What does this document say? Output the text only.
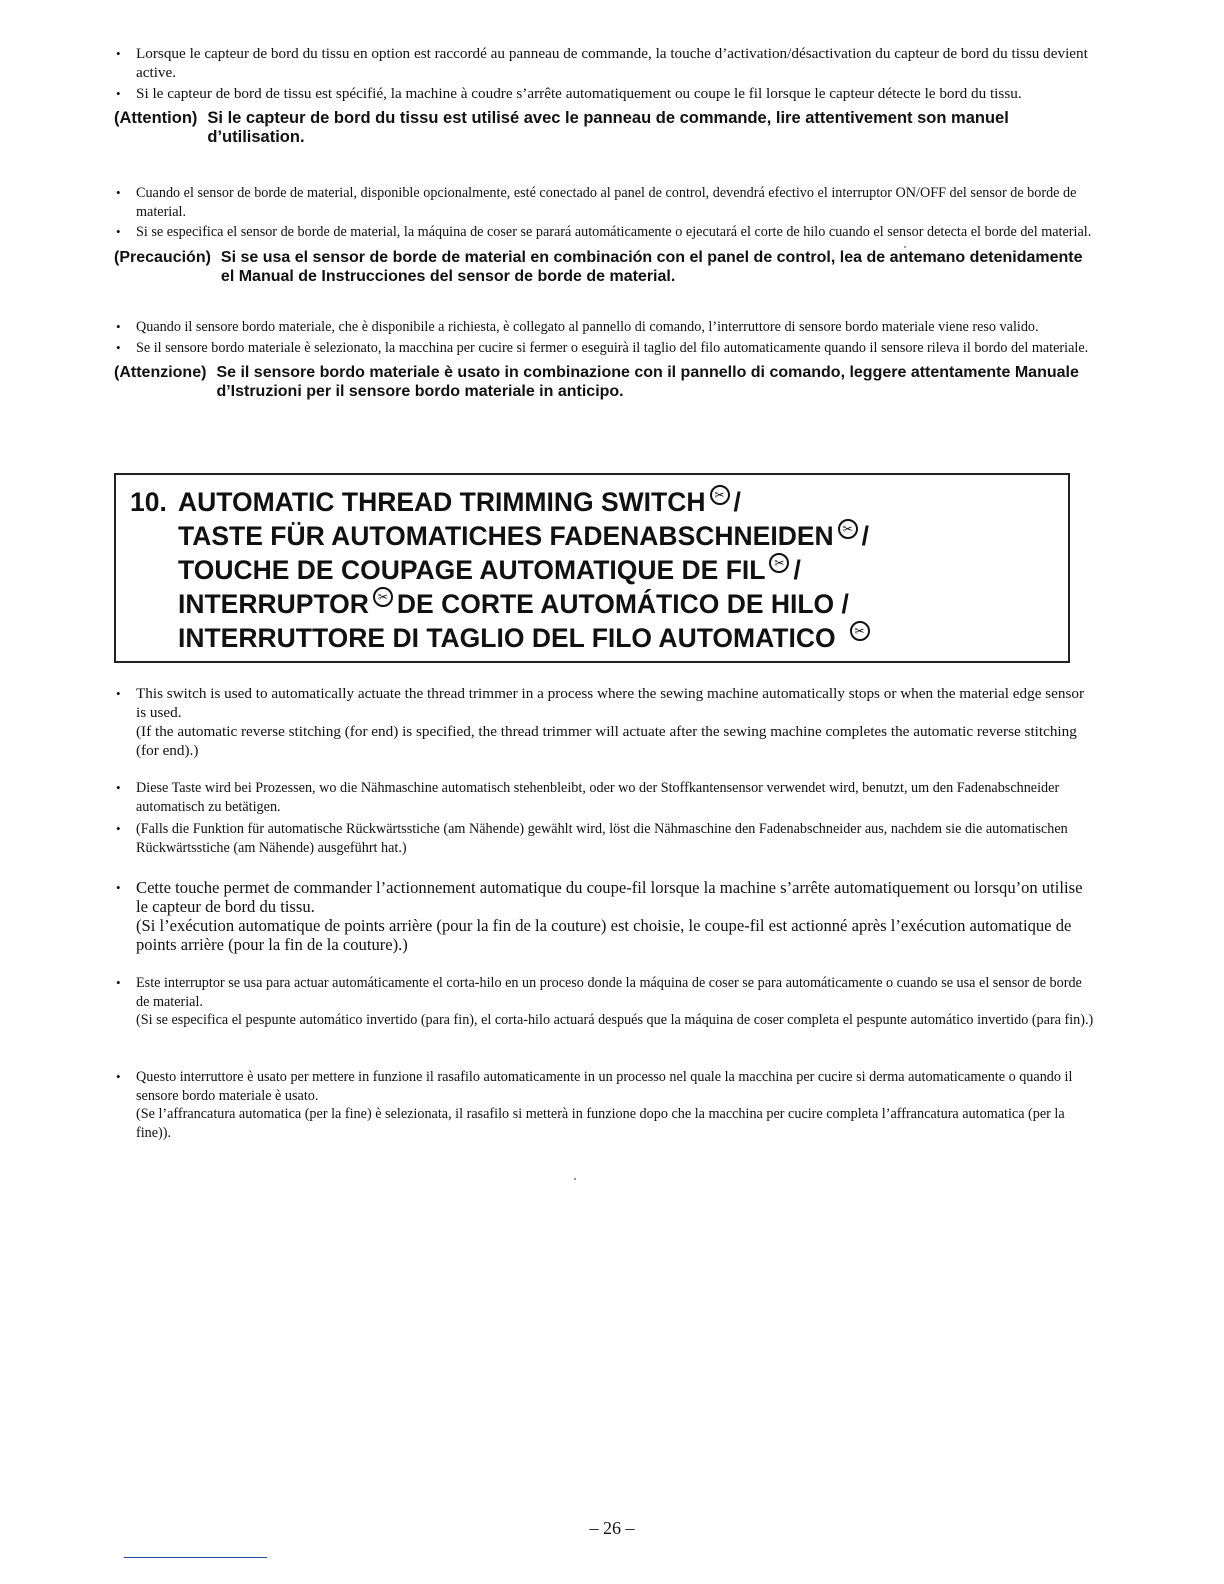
• Lorsque le capteur de bord du tissu en option est raccordé au panneau de commande, la touche d’activation/désactivation du capteur de bord du tissu devient active.
• Si le capteur de bord de tissu est spécifié, la machine à coudre s’arrête automatiquement ou coupe le fil lorsque le capteur détecte le bord du tissu.
(Attention) Si le capteur de bord du tissu est utilisé avec le panneau de commande, lire attentivement son manuel d’utilisation.
• Cuando el sensor de borde de material, disponible opcionalmente, esté conectado al panel de control, devendrá efectivo el interruptor ON/OFF del sensor de borde de material.
• Si se especifica el sensor de borde de material, la máquina de coser se parará automáticamente o ejecutará el corte de hilo cuando el sensor detecta el borde del material.
(Precaución) Si se usa el sensor de borde de material en combinación con el panel de control, lea de antemano detenidamente el Manual de Instrucciones del sensor de borde de material.
• Quando il sensore bordo materiale, che è disponibile a richiesta, è collegato al pannello di comando, l’interruttore di sensore bordo materiale viene reso valido.
• Se il sensore bordo materiale è selezionato, la macchina per cucire si fermer o eseguirà il taglio del filo automaticamente quando il sensore rileva il bordo del materiale.
(Attenzione) Se il sensore bordo materiale è usato in combinazione con il pannello di comando, leggere attentamente Manuale d’Istruzioni per il sensore bordo materiale in anticipo.
10. AUTOMATIC THREAD TRIMMING SWITCH ✂ /
TASTE FÜR AUTOMATICHES FADENABSCHNEIDEN ✂ /
TOUCHE DE COUPAGE AUTOMATIQUE DE FIL ✂ /
INTERRUPTOR ✂ DE CORTE AUTOMÁTICO DE HILO /
INTERRUTTORE DI TAGLIO DEL FILO AUTOMATICO	✂
• This switch is used to automatically actuate the thread trimmer in a process where the sewing machine automatically stops or when the material edge sensor is used.
(If the automatic reverse stitching (for end) is specified, the thread trimmer will actuate after the sewing machine completes the automatic reverse stitching (for end).)
• Diese Taste wird bei Prozessen, wo die Nähmaschine automatisch stehenbleibt, oder wo der Stoffkantensensor verwendet wird, benutzt, um den Fadenabschneider automatisch zu betätigen.
• (Falls die Funktion für automatische Rückwärtsstiche (am Nähende) gewählt wird, löst die Nähmaschine den Fadenabschneider aus, nachdem sie die automatischen Rückwärtsstiche (am Nähende) ausgeführt hat.)
• Cette touche permet de commander l’actionnement automatique du coupe-fil lorsque la machine s’arrête automatiquement ou lorsqu’on utilise le capteur de bord du tissu.
(Si l’exécution automatique de points arrière (pour la fin de la couture) est choisie, le coupe-fil est actionné après l’exécution automatique de points arrière (pour la fin de la couture).)
• Este interruptor se usa para actuar automáticamente el corta-hilo en un proceso donde la máquina de coser se para automáticamente o cuando se usa el sensor de borde de material.
(Si se especifica el pespunte automático invertido (para fin), el corta-hilo actuará después que la máquina de coser completa el pespunte automático invertido (para fin).)
• Questo interruttore è usato per mettere in funzione il rasafilo automaticamente in un processo nel quale la macchina per cucire si derma automaticamente o quando il sensore bordo materiale è usato.
(Se l’affrancatura automatica (per la fine) è selezionata, il rasafilo si metterà in funzione dopo che la macchina per cucire completa l’affrancatura automatica (per la fine)).
– 26 –
